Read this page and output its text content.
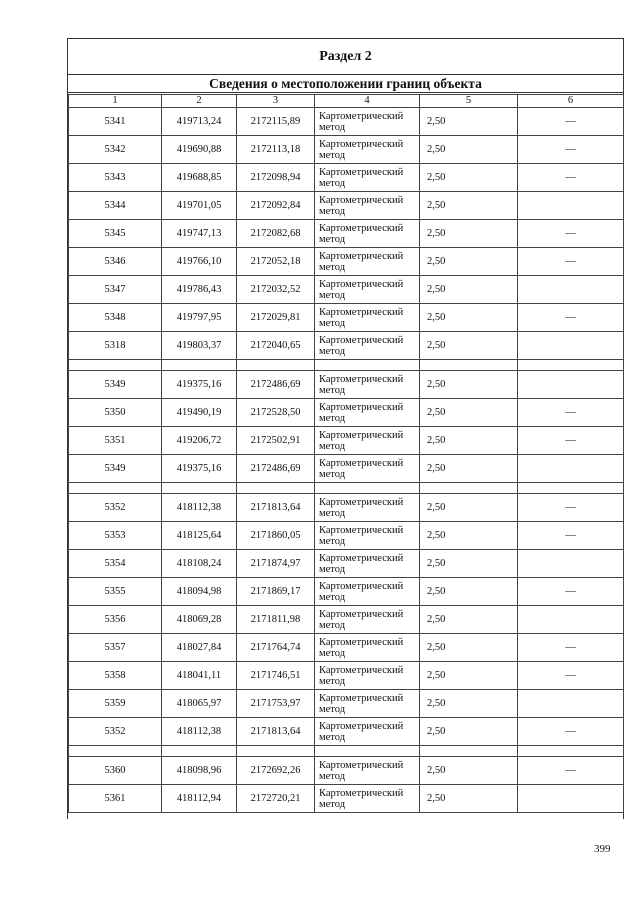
Раздел 2
Сведения о местоположении границ объекта
1	2	3	4	5	6
5341	419713,24	2172115,89	Картометрический метод	2,50	—
5342	419690,88	2172113,18	Картометрический метод	2,50	—
5343	419688,85	2172098,94	Картометрический метод	2,50	—
5344	419701,05	2172092,84	Картометрический метод	2,50	
5345	419747,13	2172082,68	Картометрический метод	2,50	—
5346	419766,10	2172052,18	Картометрический метод	2,50	—
5347	419786,43	2172032,52	Картометрический метод	2,50	
5348	419797,95	2172029,81	Картометрический метод	2,50	—
5318	419803,37	2172040,65	Картометрический метод	2,50	

5349	419375,16	2172486,69	Картометрический метод	2,50	
5350	419490,19	2172528,50	Картометрический метод	2,50	—
5351	419206,72	2172502,91	Картометрический метод	2,50	—
5349	419375,16	2172486,69	Картометрический метод	2,50	

5352	418112,38	2171813,64	Картометрический метод	2,50	—
5353	418125,64	2171860,05	Картометрический метод	2,50	—
5354	418108,24	2171874,97	Картометрический метод	2,50	
5355	418094,98	2171869,17	Картометрический метод	2,50	—
5356	418069,28	2171811,98	Картометрический метод	2,50	
5357	418027,84	2171764,74	Картометрический метод	2,50	—
5358	418041,11	2171746,51	Картометрический метод	2,50	—
5359	418065,97	2171753,97	Картометрический метод	2,50	
5352	418112,38	2171813,64	Картометрический метод	2,50	—

5360	418098,96	2172692,26	Картометрический метод	2,50	—
5361	418112,94	2172720,21	Картометрический метод	2,50	
399
